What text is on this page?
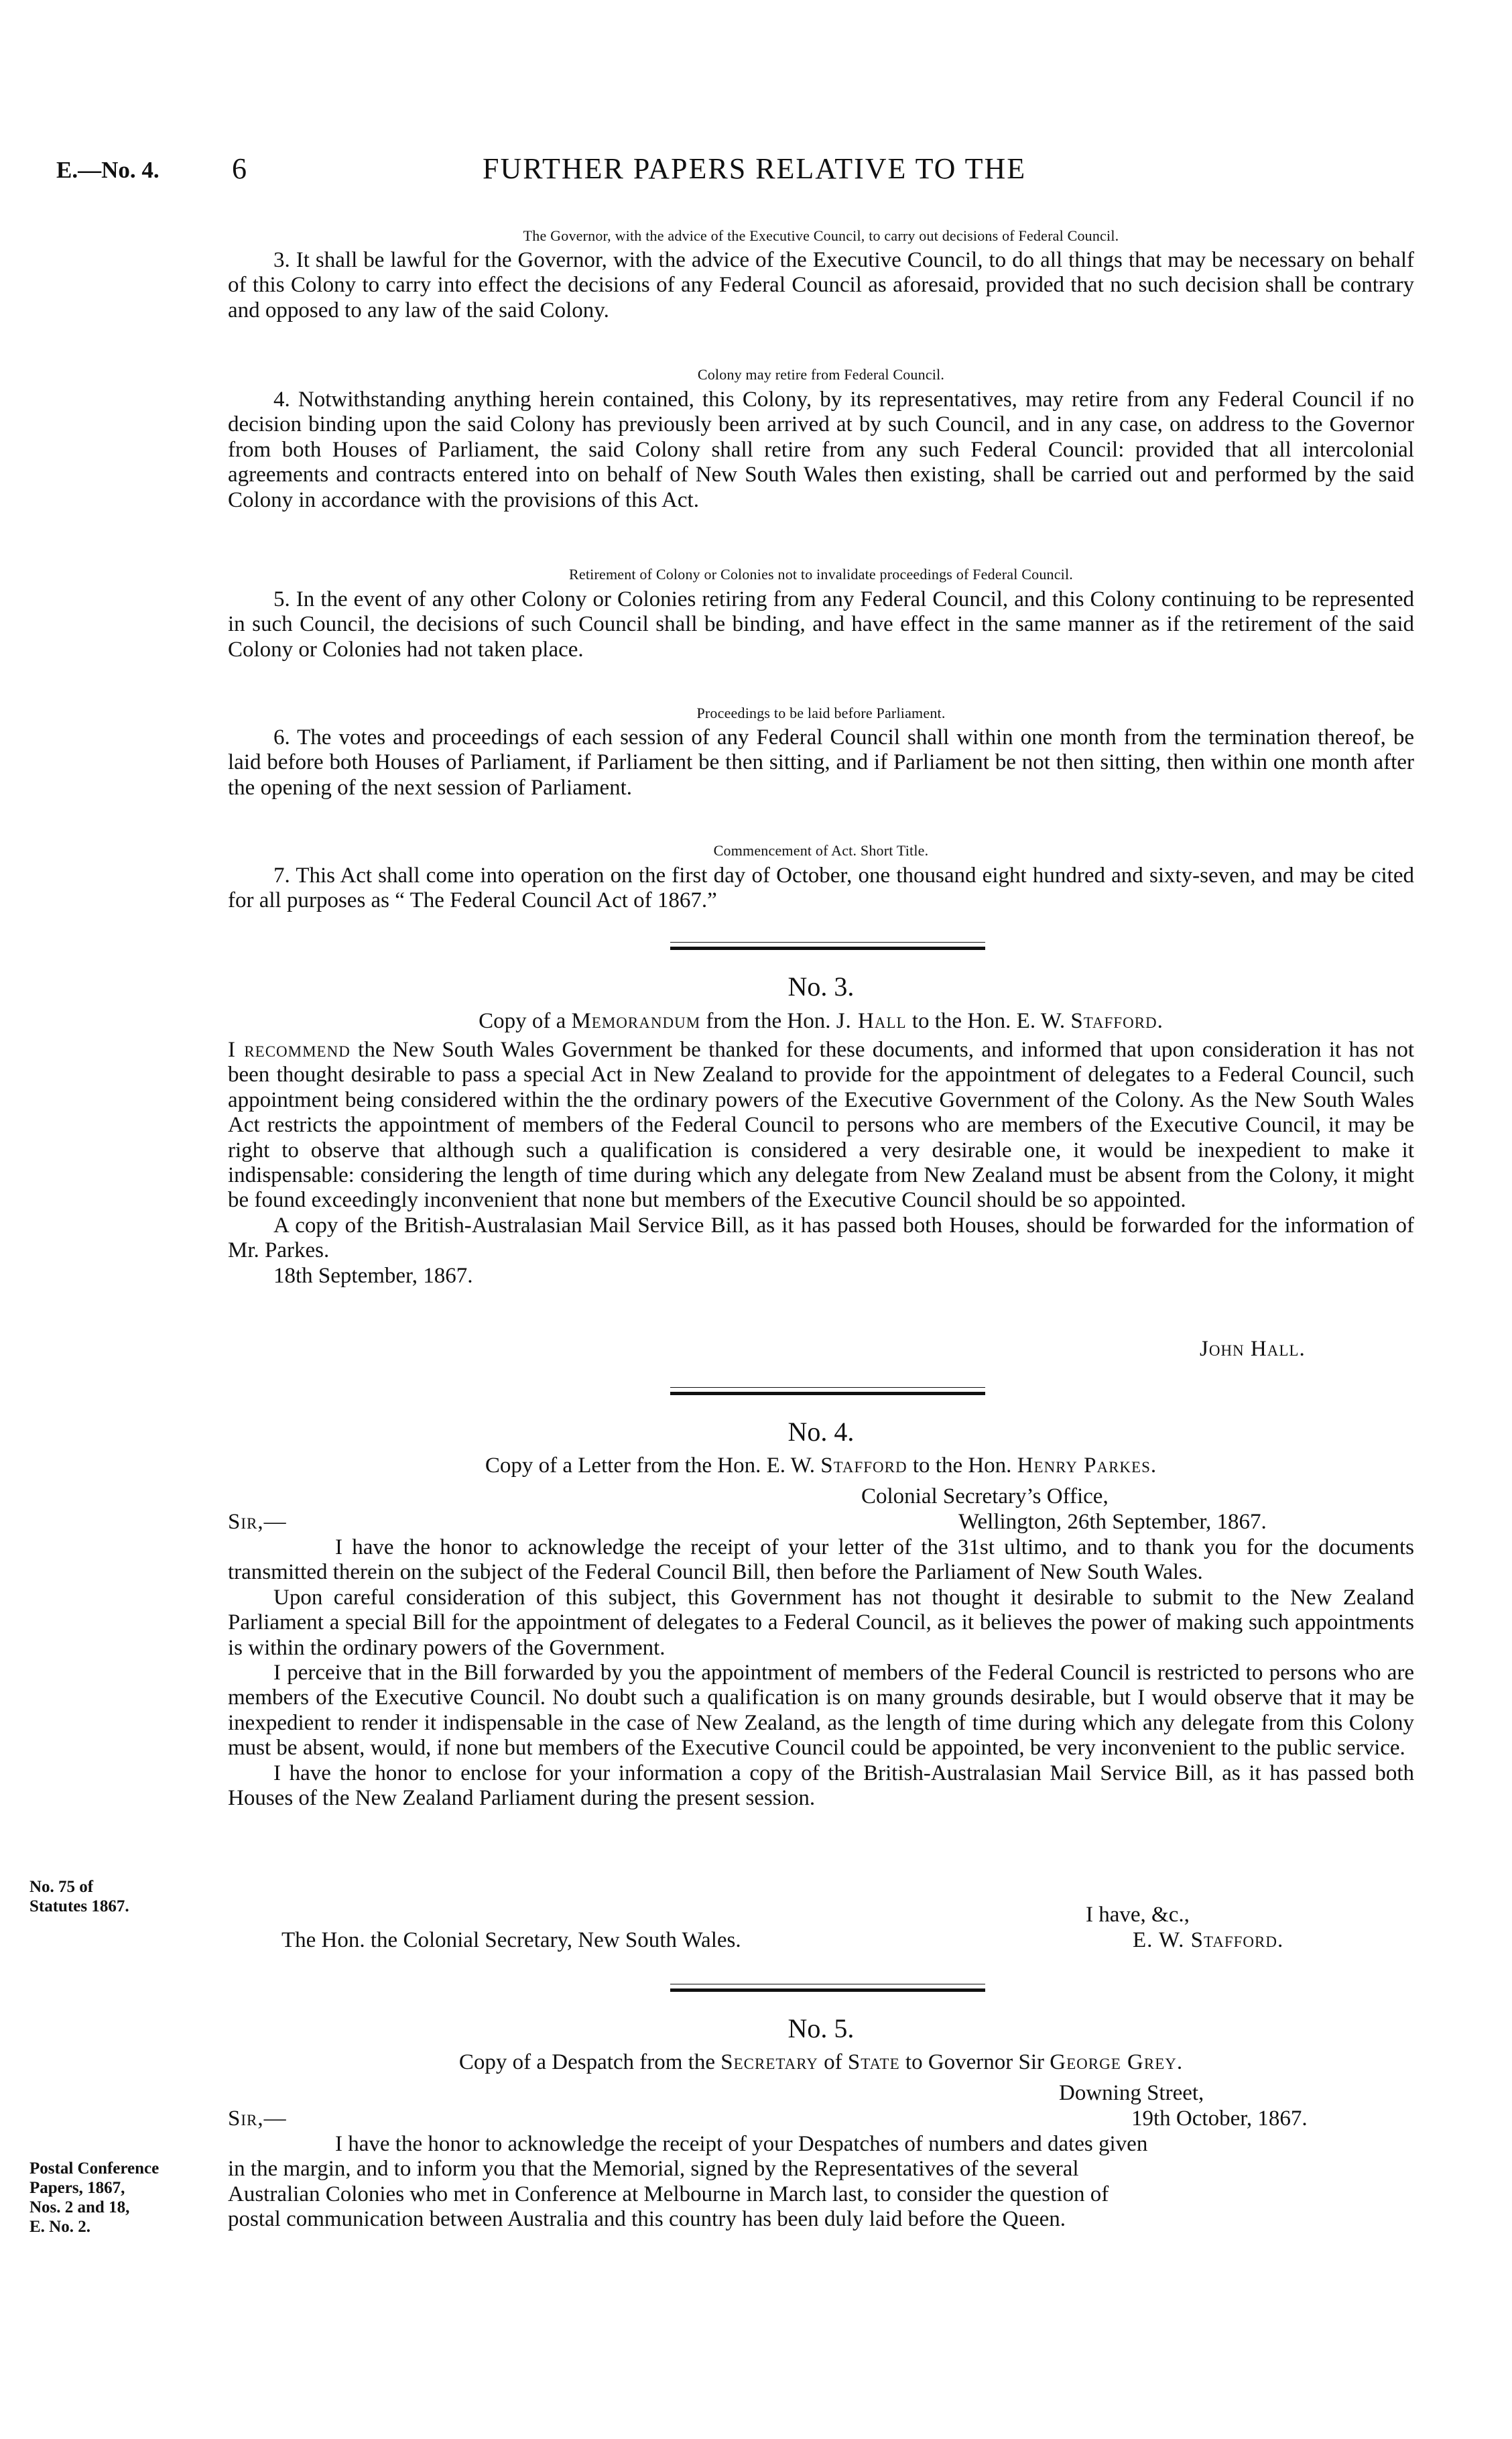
E.—No. 4. 6	FURTHER PAPERS RELATIVE TO THE
The Governor, with the advice of the Executive Council, to carry out decisions of Federal Council.

3. It shall be lawful for the Governor, with the advice of the Executive Council, to do all things that may be necessary on behalf of this Colony to carry into effect the decisions of any Federal Council as aforesaid, provided that no such decision shall be contrary and opposed to any law of the said Colony.

Colony may retire from Federal Council.

4. Notwithstanding anything herein contained, this Colony, by its representatives, may retire from any Federal Council if no decision binding upon the said Colony has previously been arrived at by such Council, and in any case, on address to the Governor from both Houses of Parliament, the said Colony shall retire from any such Federal Council: provided that all intercolonial agreements and contracts entered into on behalf of New South Wales then existing, shall be carried out and performed by the said Colony in accordance with the provisions of this Act.

Retirement of Colony or Colonies not to invalidate proceedings of Federal Council.

5. In the event of any other Colony or Colonies retiring from any Federal Council, and this Colony continuing to be represented in such Council, the decisions of such Council shall be binding, and have effect in the same manner as if the retirement of the said Colony or Colonies had not taken place.

Proceedings to be laid before Parliament.

6. The votes and proceedings of each session of any Federal Council shall within one month from the termination thereof, be laid before both Houses of Parliament, if Parliament be then sitting, and if Parliament be not then sitting, then within one month after the opening of the next session of Parliament.

Commencement of Act. Short Title.

7. This Act shall come into operation on the first day of October, one thousand eight hundred and sixty-seven, and may be cited for all purposes as “ The Federal Council Act of 1867.”

No. 3.
Copy of a Memorandum from the Hon. J. Hall to the Hon. E. W. Stafford.

I recommend the New South Wales Government be thanked for these documents, and informed that upon consideration it has not been thought desirable to pass a special Act in New Zealand to provide for the appointment of delegates to a Federal Council, such appointment being considered within the the ordinary powers of the Executive Government of the Colony. As the New South Wales Act restricts the appointment of members of the Federal Council to persons who are members of the Executive Council, it may be right to observe that although such a qualification is considered a very desirable one, it would be inexpedient to make it indispensable: considering the length of time during which any delegate from New Zealand must be absent from the Colony, it might be found exceedingly inconvenient that none but members of the Executive Council should be so appointed.

A copy of the British-Australasian Mail Service Bill, as it has passed both Houses, should be forwarded for the information of Mr. Parkes.

18th September, 1867.

John Hall.
No. 4.
Copy of a Letter from the Hon. E. W. Stafford to the Hon. Henry Parkes.
Colonial Secretary’s Office,
Sir,—	Wellington, 26th September, 1867.

I have the honor to acknowledge the receipt of your letter of the 31st ultimo, and to thank you for the documents transmitted therein on the subject of the Federal Council Bill, then before the Parliament of New South Wales.

Upon careful consideration of this subject, this Government has not thought it desirable to submit to the New Zealand Parliament a special Bill for the appointment of delegates to a Federal Council, as it believes the power of making such appointments is within the ordinary powers of the Government.

I perceive that in the Bill forwarded by you the appointment of members of the Federal Council is restricted to persons who are members of the Executive Council. No doubt such a qualification is on many grounds desirable, but I would observe that it may be inexpedient to render it indispensable in the case of New Zealand, as the length of time during which any delegate from this Colony must be absent, would, if none but members of the Executive Council could be appointed, be very inconvenient to the public service.

I have the honor to enclose for your information a copy of the British-Australasian Mail Service Bill, as it has passed both Houses of the New Zealand Parliament during the present session.

I have, &c.,
The Hon. the Colonial Secretary, New South Wales.	E. W. Stafford.
No. 75 of
Statutes 1867.
No. 5.
Copy of a Despatch from the Secretary of State to Governor Sir George Grey.
Downing Street,
Sir,—	19th October, 1867.
I have the honor to acknowledge the receipt of your Despatches of numbers and dates given
in the margin, and to inform you that the Memorial, signed by the Representatives of the several
Australian Colonies who met in Conference at Melbourne in March last, to consider the question of
postal communication between Australia and this country has been duly laid before the Queen.
Postal Conference
Papers, 1867,
Nos. 2 and 18,
E. No. 2.
